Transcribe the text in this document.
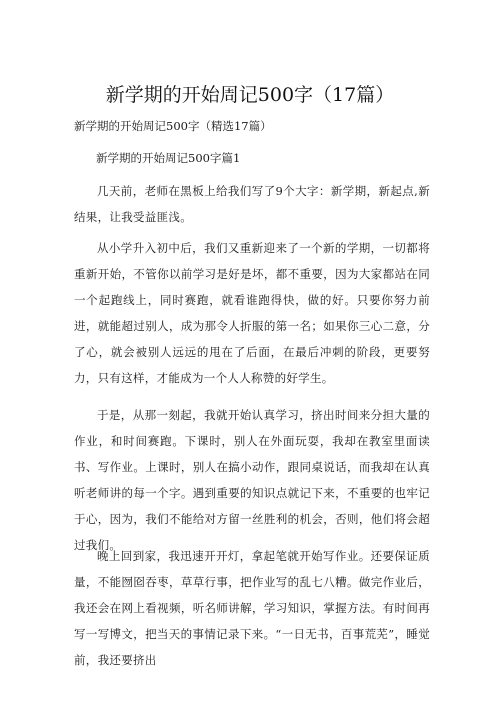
新学期的开始周记500字（17篇）

新学期的开始周记500字（精选17篇）

新学期的开始周记500字篇1

几天前，老师在黑板上给我们写了9个大字：新学期，新起点,新结果，让我受益匪浅。

从小学升入初中后，我们又重新迎来了一个新的学期，一切都将重新开始，不管你以前学习是好是坏，都不重要，因为大家都站在同一个起跑线上，同时赛跑，就看谁跑得快，做的好。只要你努力前进，就能超过别人，成为那令人折服的第一名；如果你三心二意，分了心，就会被别人远远的甩在了后面，在最后冲刺的阶段，更要努力，只有这样，才能成为一个人人称赞的好学生。

于是，从那一刻起，我就开始认真学习，挤出时间来分担大量的作业，和时间赛跑。下课时，别人在外面玩耍，我却在教室里面读书、写作业。上课时，别人在搞小动作，跟同桌说话，而我却在认真听老师讲的每一个字。遇到重要的知识点就记下来，不重要的也牢记于心，因为，我们不能给对方留一丝胜利的机会，否则，他们将会超过我们。

晚上回到家，我迅速开开灯，拿起笔就开始写作业。还要保证质量，不能囫囵吞枣，草草行事，把作业写的乱七八糟。做完作业后，我还会在网上看视频，听名师讲解，学习知识，掌握方法。有时间再写一写博文，把当天的事情记录下来。“一日无书，百事荒芜”，睡觉前，我还要挤出
